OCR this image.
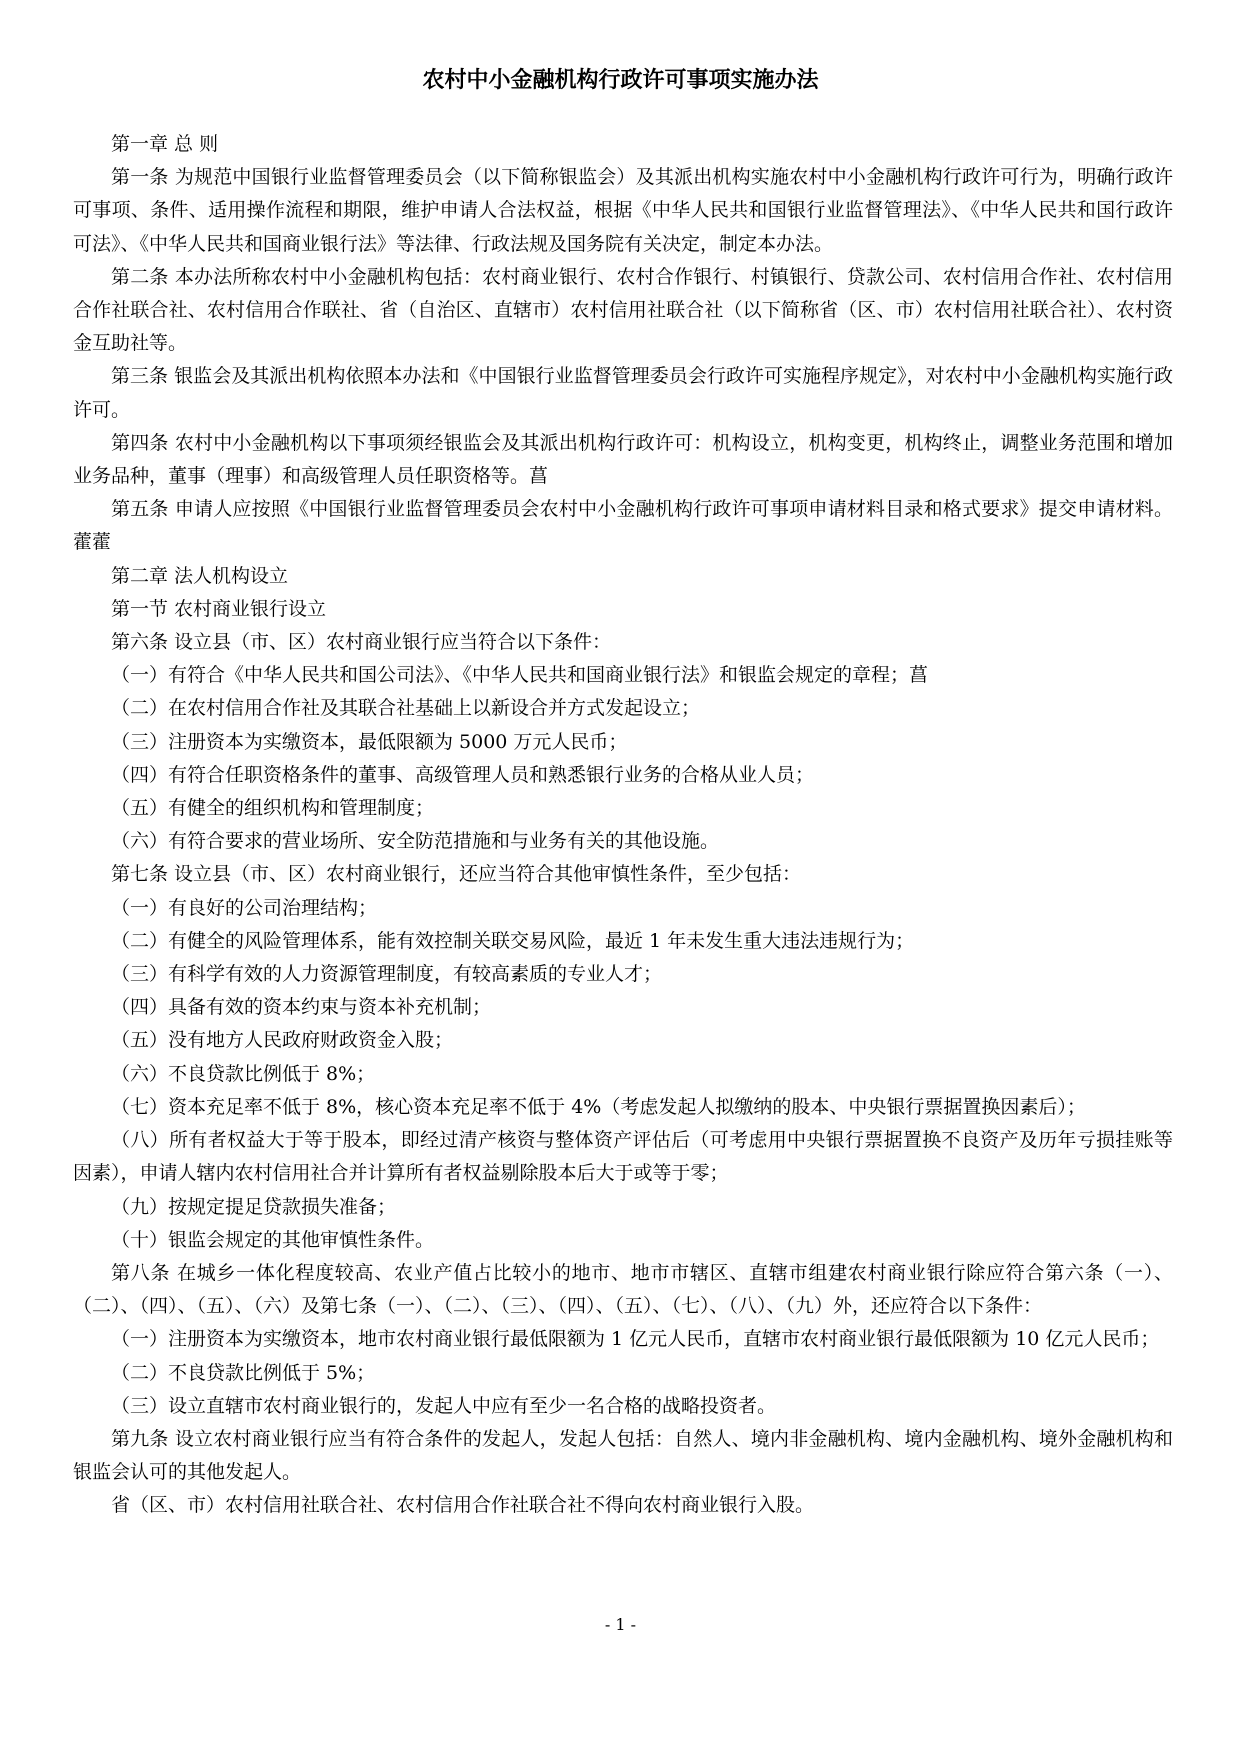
农村中小金融机构行政许可事项实施办法

第一章 总 则

第一条 为规范中国银行业监督管理委员会（以下简称银监会）及其派出机构实施农村中小金融机构行政许可行为，明确行政许可事项、条件、适用操作流程和期限，维护申请人合法权益，根据《中华人民共和国银行业监督管理法》、《中华人民共和国行政许可法》、《中华人民共和国商业银行法》等法律、行政法规及国务院有关决定，制定本办法。

第二条 本办法所称农村中小金融机构包括：农村商业银行、农村合作银行、村镇银行、贷款公司、农村信用合作社、农村信用合作社联合社、农村信用合作联社、省（自治区、直辖市）农村信用社联合社（以下简称省（区、市）农村信用社联合社）、农村资金互助社等。

第三条 银监会及其派出机构依照本办法和《中国银行业监督管理委员会行政许可实施程序规定》，对农村中小金融机构实施行政许可。

第四条 农村中小金融机构以下事项须经银监会及其派出机构行政许可：机构设立，机构变更，机构终止，调整业务范围和增加业务品种，董事（理事）和高级管理人员任职资格等。菖

第五条 申请人应按照《中国银行业监督管理委员会农村中小金融机构行政许可事项申请材料目录和格式要求》提交申请材料。藿藿

第二章 法人机构设立

第一节 农村商业银行设立

第六条 设立县（市、区）农村商业银行应当符合以下条件：

（一）有符合《中华人民共和国公司法》、《中华人民共和国商业银行法》和银监会规定的章程；菖

（二）在农村信用合作社及其联合社基础上以新设合并方式发起设立；

（三）注册资本为实缴资本，最低限额为 5000 万元人民币；

（四）有符合任职资格条件的董事、高级管理人员和熟悉银行业务的合格从业人员；

（五）有健全的组织机构和管理制度；

（六）有符合要求的营业场所、安全防范措施和与业务有关的其他设施。

第七条 设立县（市、区）农村商业银行，还应当符合其他审慎性条件，至少包括：

（一）有良好的公司治理结构；

（二）有健全的风险管理体系，能有效控制关联交易风险，最近 1 年未发生重大违法违规行为；

（三）有科学有效的人力资源管理制度，有较高素质的专业人才；

（四）具备有效的资本约束与资本补充机制；

（五）没有地方人民政府财政资金入股；

（六）不良贷款比例低于 8%；

（七）资本充足率不低于 8%，核心资本充足率不低于 4%（考虑发起人拟缴纳的股本、中央银行票据置换因素后）；

（八）所有者权益大于等于股本，即经过清产核资与整体资产评估后（可考虑用中央银行票据置换不良资产及历年亏损挂账等因素），申请人辖内农村信用社合并计算所有者权益剔除股本后大于或等于零；

（九）按规定提足贷款损失准备；

（十）银监会规定的其他审慎性条件。

第八条 在城乡一体化程度较高、农业产值占比较小的地市、地市市辖区、直辖市组建农村商业银行除应符合第六条（一）、（二）、（四）、（五）、（六）及第七条（一）、（二）、（三）、（四）、（五）、（七）、（八）、（九）外，还应符合以下条件：

（一）注册资本为实缴资本，地市农村商业银行最低限额为 1 亿元人民币，直辖市农村商业银行最低限额为 10 亿元人民币；

（二）不良贷款比例低于 5%；

（三）设立直辖市农村商业银行的，发起人中应有至少一名合格的战略投资者。

第九条 设立农村商业银行应当有符合条件的发起人，发起人包括：自然人、境内非金融机构、境内金融机构、境外金融机构和银监会认可的其他发起人。

省（区、市）农村信用社联合社、农村信用合作社联合社不得向农村商业银行入股。

- 1 -
